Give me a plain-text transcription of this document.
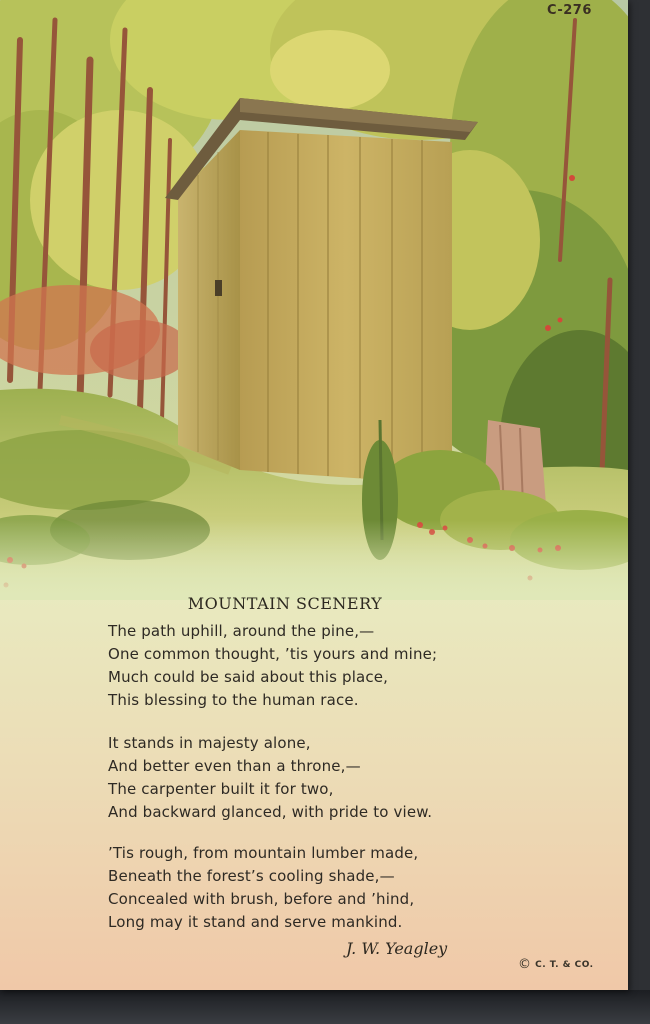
C-276
MOUNTAIN SCENERY
The path uphill, around the pine,—
One common thought, ’tis yours and mine;
Much could be said about this place,
This blessing to the human race.
It stands in majesty alone,
And better even than a throne,—
The carpenter built it for two,
And backward glanced, with pride to view.
’Tis rough, from mountain lumber made,
Beneath the forest’s cooling shade,—
Concealed with brush, before and ’hind,
Long may it stand and serve mankind.
J. W. Yeagley
© C. T. & CO.
